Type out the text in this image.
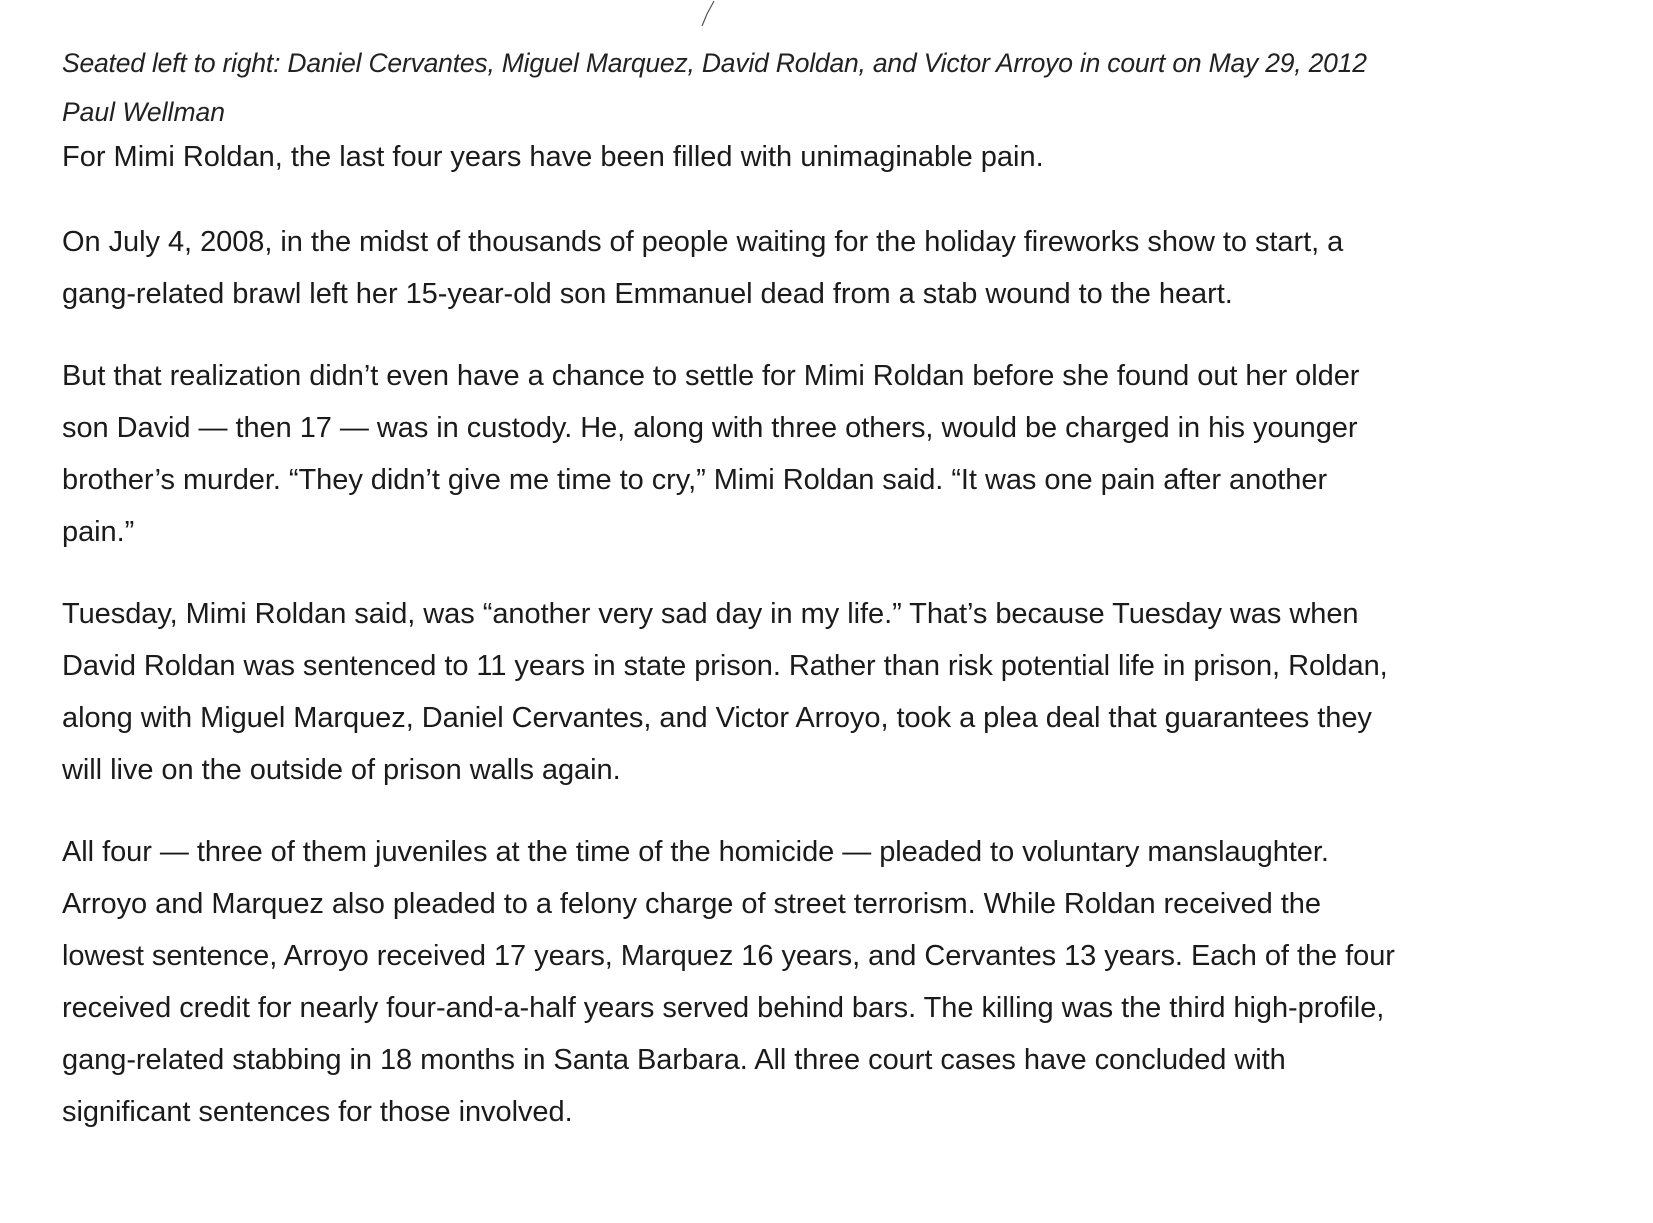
Seated left to right: Daniel Cervantes, Miguel Marquez, David Roldan, and Victor Arroyo in court on May 29, 2012

Paul Wellman

For Mimi Roldan, the last four years have been filled with unimaginable pain.

On July 4, 2008, in the midst of thousands of people waiting for the holiday fireworks show to start, a
gang-related brawl left her 15-year-old son Emmanuel dead from a stab wound to the heart.

But that realization didn’t even have a chance to settle for Mimi Roldan before she found out her older
son David — then 17 — was in custody. He, along with three others, would be charged in his younger
brother’s murder. “They didn’t give me time to cry,” Mimi Roldan said. “It was one pain after another
pain.”

Tuesday, Mimi Roldan said, was “another very sad day in my life.” That’s because Tuesday was when
David Roldan was sentenced to 11 years in state prison. Rather than risk potential life in prison, Roldan,
along with Miguel Marquez, Daniel Cervantes, and Victor Arroyo, took a plea deal that guarantees they
will live on the outside of prison walls again.

All four — three of them juveniles at the time of the homicide — pleaded to voluntary manslaughter.
Arroyo and Marquez also pleaded to a felony charge of street terrorism. While Roldan received the
lowest sentence, Arroyo received 17 years, Marquez 16 years, and Cervantes 13 years. Each of the four
received credit for nearly four-and-a-half years served behind bars. The killing was the third high-profile,
gang-related stabbing in 18 months in Santa Barbara. All three court cases have concluded with
significant sentences for those involved.
